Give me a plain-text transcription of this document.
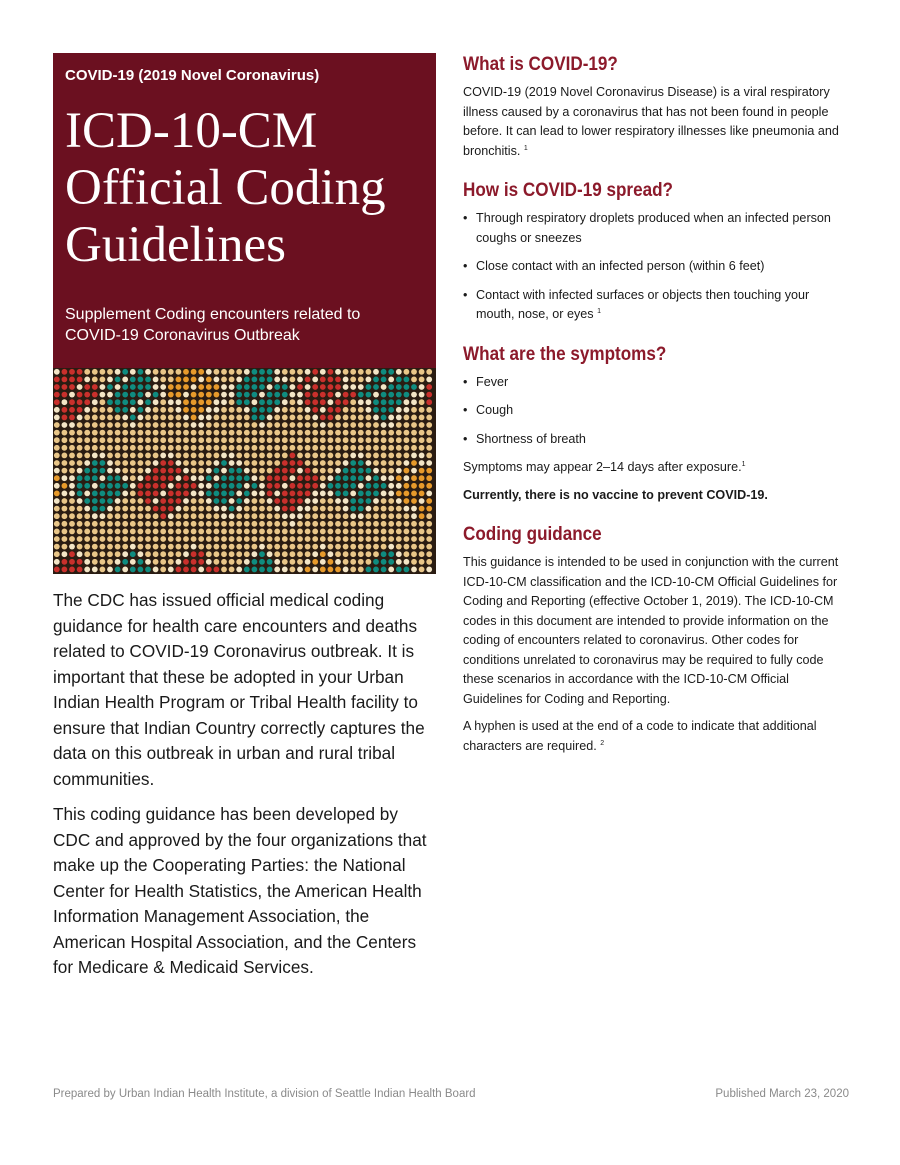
COVID-19 (2019 Novel Coronavirus)

ICD-10-CM
Official Coding
Guidelines

Supplement Coding encounters related to
COVID-19 Coronavirus Outbreak

The CDC has issued official medical coding guidance for health care encounters and deaths related to COVID-19 Coronavirus outbreak. It is important that these be adopted in your Urban Indian Health Program or Tribal Health facility to ensure that Indian Country correctly captures the data on this outbreak in urban and rural tribal communities.

This coding guidance has been developed by CDC and approved by the four organizations that make up the Cooperating Parties: the National Center for Health Statistics, the American Health Information Management Association, the American Hospital Association, and the Centers for Medicare & Medicaid Services.

What is COVID-19?

COVID-19 (2019 Novel Coronavirus Disease) is a viral respiratory illness caused by a coronavirus that has not been found in people before. It can lead to lower respiratory illnesses like pneumonia and bronchitis. $^1$

How is COVID-19 spread?
• Through respiratory droplets produced when an infected person coughs or sneezes
• Close contact with an infected person (within 6 feet)
• Contact with infected surfaces or objects then touching your mouth, nose, or eyes $^1$
What are the symptoms?
• Fever
• Cough
• Shortness of breath

Symptoms may appear 2–14 days after exposure.$^1$

Currently, there is no vaccine to prevent COVID-19.

Coding guidance

This guidance is intended to be used in conjunction with the current ICD-10-CM classification and the ICD-10-CM Official Guidelines for Coding and Reporting (effective October 1, 2019). The ICD-10-CM codes in this document are intended to provide information on the coding of encounters related to coronavirus. Other codes for conditions unrelated to coronavirus may be required to fully code these scenarios in accordance with the ICD-10-CM Official Guidelines for Coding and Reporting.

A hyphen is used at the end of a code to indicate that additional characters are required. $^2$

Prepared by Urban Indian Health Institute, a division of Seattle Indian Health Board	Published March 23, 2020
